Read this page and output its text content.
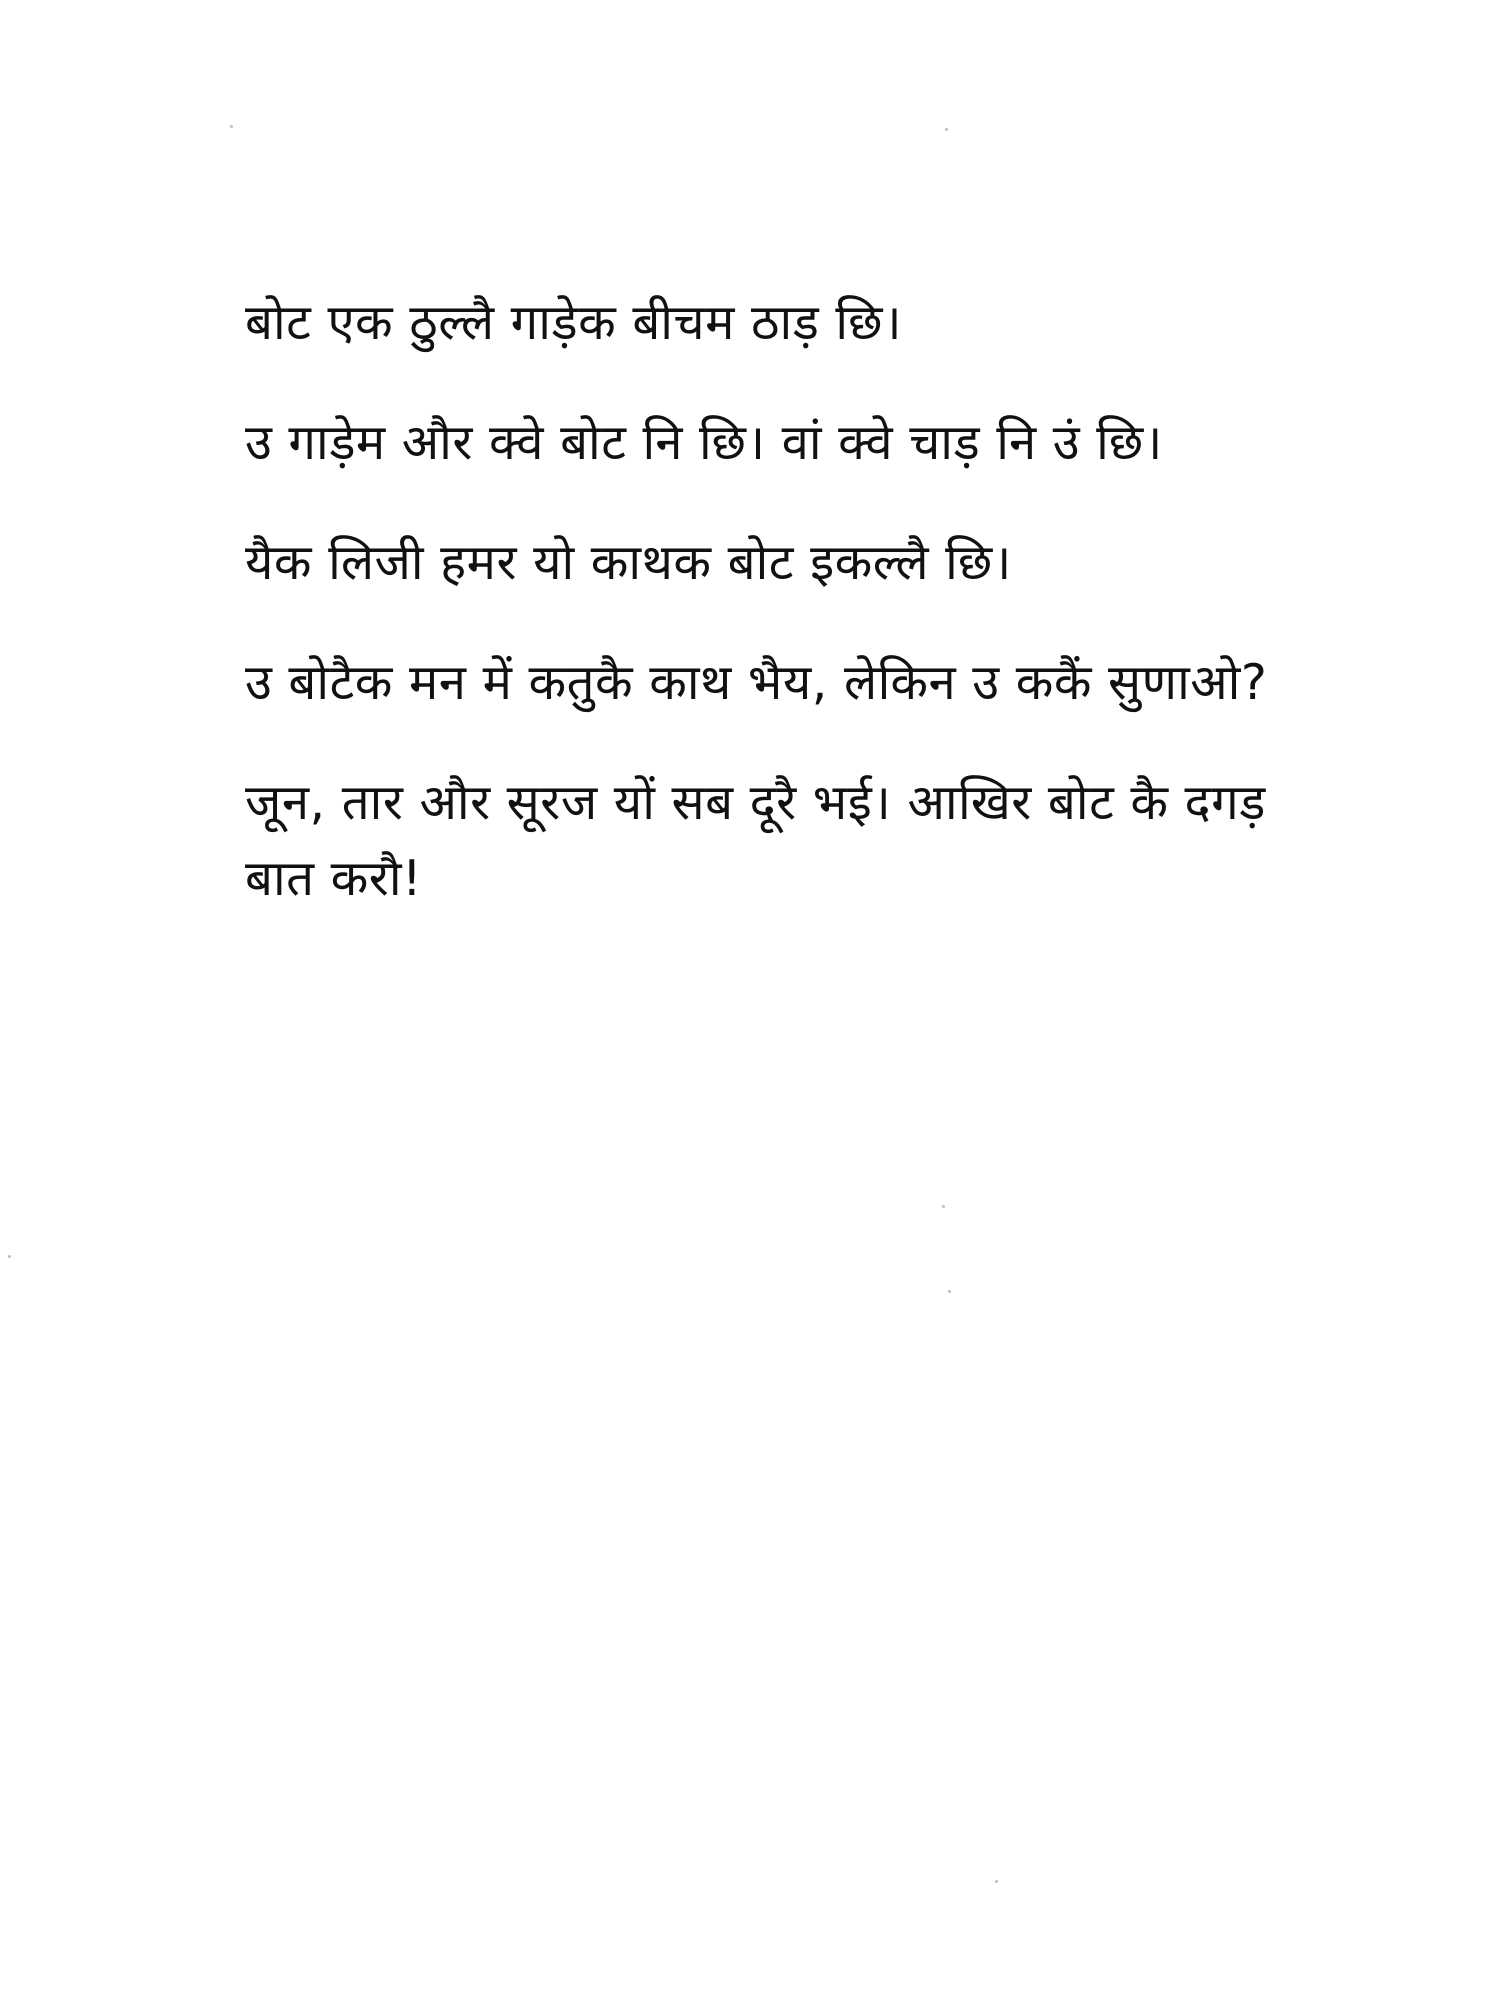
बोट एक ठुल्लै गाड़ेक बीचम ठाड़ छि।

उ गाड़ेम और क्वे बोट नि छि। वां क्वे चाड़ नि उं छि।

यैक लिजी हमर यो काथक बोट इकल्लै छि।

उ बोटैक मन में कतुकै काथ भैय, लेकिन उ ककैं सुणाओ?

जून, तार और सूरज यों सब दूरै भई। आखिर बोट कै दगड़ बात करौ!
